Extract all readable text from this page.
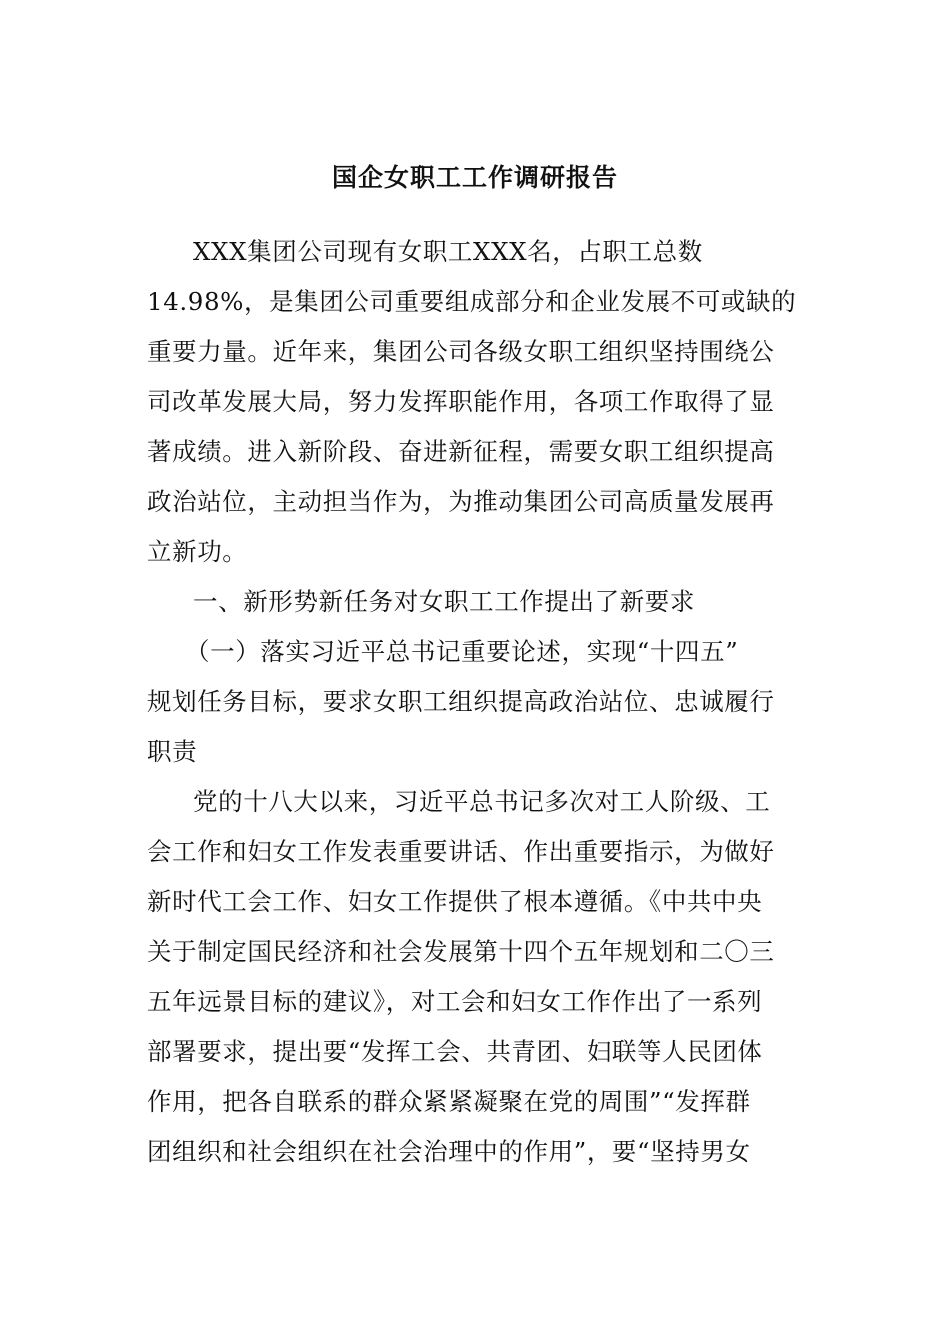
国企女职工工作调研报告

XXX集团公司现有女职工XXX名，占职工总数

14.98%，是集团公司重要组成部分和企业发展不可或缺的

重要力量。近年来，集团公司各级女职工组织坚持围绕公

司改革发展大局，努力发挥职能作用，各项工作取得了显

著成绩。进入新阶段、奋进新征程，需要女职工组织提高

政治站位，主动担当作为，为推动集团公司高质量发展再

立新功。

一、新形势新任务对女职工工作提出了新要求

（一）落实习近平总书记重要论述，实现“十四五”

规划任务目标，要求女职工组织提高政治站位、忠诚履行

职责

党的十八大以来，习近平总书记多次对工人阶级、工

会工作和妇女工作发表重要讲话、作出重要指示，为做好

新时代工会工作、妇女工作提供了根本遵循。《中共中央

关于制定国民经济和社会发展第十四个五年规划和二〇三

五年远景目标的建议》，对工会和妇女工作作出了一系列

部署要求，提出要“发挥工会、共青团、妇联等人民团体

作用，把各自联系的群众紧紧凝聚在党的周围”“发挥群

团组织和社会组织在社会治理中的作用”，要“坚持男女
